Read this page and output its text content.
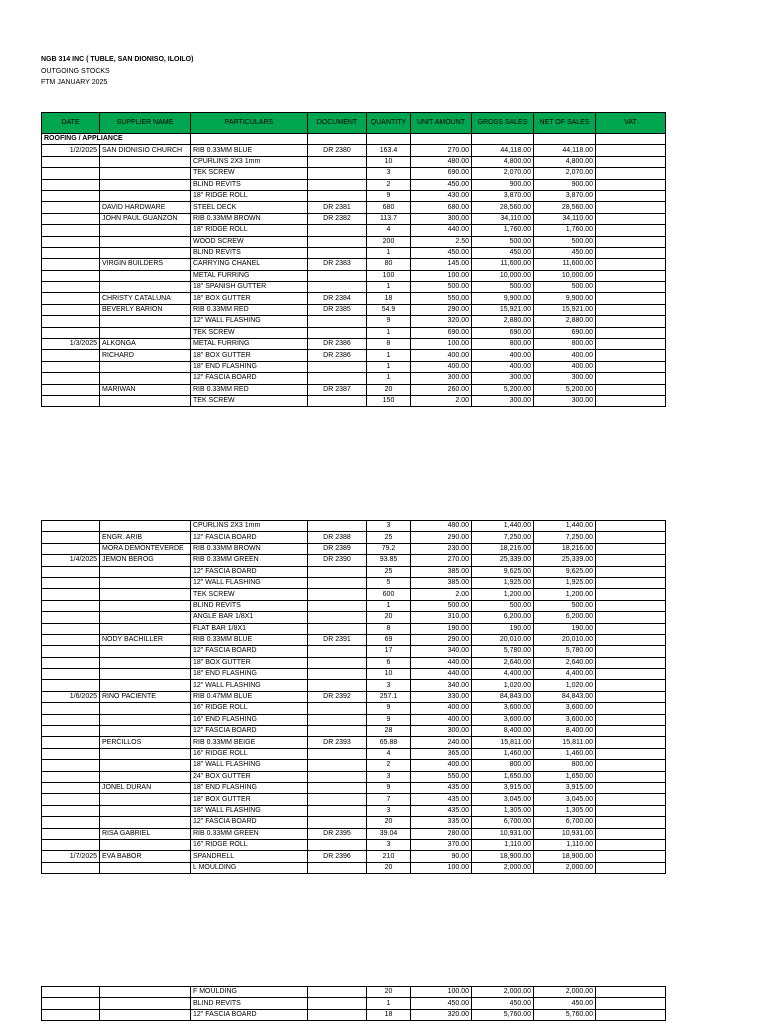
NGB 314 INC ( TUBLE, SAN DIONISO, ILOILO)
OUTGOING STOCKS
FTM JANUARY 2025
DATE	SUPPLIER NAME	PARTICULARS	DOCUMENT	QUANTITY	UNIT AMOUNT	GROSS SALES	NET OF SALES	VAT
ROOFING / APPLIANCE								
1/2/2025	SAN DIONISIO CHURCH	RIB 0.33MM BLUE	DR 2380	163.4	270.00	44,118.00	44,118.00	
		CPURLINS 2X3 1mm		10	480.00	4,800.00	4,800.00	
		TEK SCREW		3	690.00	2,070.00	2,070.00	
		BLIND REVITS		2	450.00	900.00	900.00	
		18" RIDGE ROLL		9	430.00	3,870.00	3,870.00	
	DAVID HARDWARE	STEEL DECK	DR 2381	680	680.00	28,560.00	28,560.00	
	JOHN PAUL GUANZON	RIB 0.33MM BROWN	DR 2382	113.7	300.00	34,110.00	34,110.00	
		18" RIDGE ROLL		4	440.00	1,760.00	1,760.00	
		WOOD SCREW		200	2.50	500.00	500.00	
		BLIND REVITS		1	450.00	450.00	450.00	
	VIRGIN BUILDERS	CARRYING CHANEL	DR 2383	80	145.00	11,600.00	11,600.00	
		METAL FURRING		100	100.00	10,000.00	10,000.00	
		18" SPANISH GUTTER		1	500.00	500.00	500.00	
	CHRISTY CATALUNA	18" BOX GUTTER	DR 2384	18	550.00	9,900.00	9,900.00	
	BEVERLY BARION	RIB 0.33MM RED	DR 2385	54.9	290.00	15,921.00	15,921.00	
		12" WALL FLASHING		9	320.00	2,880.00	2,880.00	
		TEK SCREW		1	690.00	690.00	690.00	
1/3/2025	ALKONGA	METAL FURRING	DR 2386	8	100.00	800.00	800.00	
	RICHARD	18" BOX GUTTER	DR 2386	1	400.00	400.00	400.00	
		18" END FLASHING		1	400.00	400.00	400.00	
		12" FASCIA BOARD		1	300.00	300.00	300.00	
	MARIWAN	RIB 0.33MM RED	DR 2387	20	260.00	5,200.00	5,200.00	
		TEK SCREW		150	2.00	300.00	300.00	
		CPURLINS 2X3 1mm		3	480.00	1,440.00	1,440.00	
	ENGR. ARIB	12" FASCIA BOARD	DR 2388	25	290.00	7,250.00	7,250.00	
	MORA DEMONTEVERDE	RIB 0.33MM BROWN	DR 2389	79.2	230.00	18,216.00	18,216.00	
1/4/2025	JEMON BEROG	RIB 0.33MM GREEN	DR 2390	93.85	270.00	25,339.00	25,339.00	
		12" FASCIA BOARD		25	385.00	9,625.00	9,625.00	
		12" WALL FLASHING		5	385.00	1,925.00	1,925.00	
		TEK SCREW		600	2.00	1,200.00	1,200.00	
		BLIND REVITS		1	500.00	500.00	500.00	
		ANGLE BAR 1/8X1		20	310.00	6,200.00	6,200.00	
		FLAT BAR 1/8X1		8	190.00	190.00	190.00	
	NODY BACHILLER	RIB 0.33MM BLUE	DR 2391	69	290.00	20,010.00	20,010.00	
		12" FASCIA BOARD		17	340.00	5,780.00	5,780.00	
		18" BOX GUTTER		6	440.00	2,640.00	2,640.00	
		18" END FLASHING		10	440.00	4,400.00	4,400.00	
		12" WALL FLASHING		3	340.00	1,020.00	1,020.00	
1/6/2025	RINO PACIENTE	RIB 0.47MM BLUE	DR 2392	257.1	330.00	84,843.00	84,843.00	
		16" RIDGE ROLL		9	400.00	3,600.00	3,600.00	
		16" END FLASHING		9	400.00	3,600.00	3,600.00	
		12" FASCIA BOARD		28	300.00	8,400.00	8,400.00	
	PERCILLOS	RIB 0.33MM BEIGE	DR 2393	65.88	240.00	15,811.00	15,811.00	
		16" RIDGE ROLL		4	365.00	1,460.00	1,460.00	
		18" WALL FLASHING		2	400.00	800.00	800.00	
		24" BOX GUTTER		3	550.00	1,650.00	1,650.00	
	JONEL DURAN	18" END FLASHING		9	435.00	3,915.00	3,915.00	
		18" BOX GUTTER		7	435.00	3,045.00	3,045.00	
		18" WALL FLASHING		3	435.00	1,305.00	1,305.00	
		12" FASCIA BOARD		20	335.00	6,700.00	6,700.00	
	RISA GABRIEL	RIB 0.33MM GREEN	DR 2395	39.04	280.00	10,931.00	10,931.00	
		16" RIDGE ROLL		3	370.00	1,110.00	1,110.00	
1/7/2025	EVA BABOR	SPANDRELL	DR 2396	210	90.00	18,900.00	18,900.00	
		L MOULDING		20	100.00	2,000.00	2,000.00	
		F MOULDING		20	100.00	2,000.00	2,000.00	
		BLIND REVITS		1	450.00	450.00	450.00	
		12" FASCIA BOARD		18	320.00	5,760.00	5,760.00	
